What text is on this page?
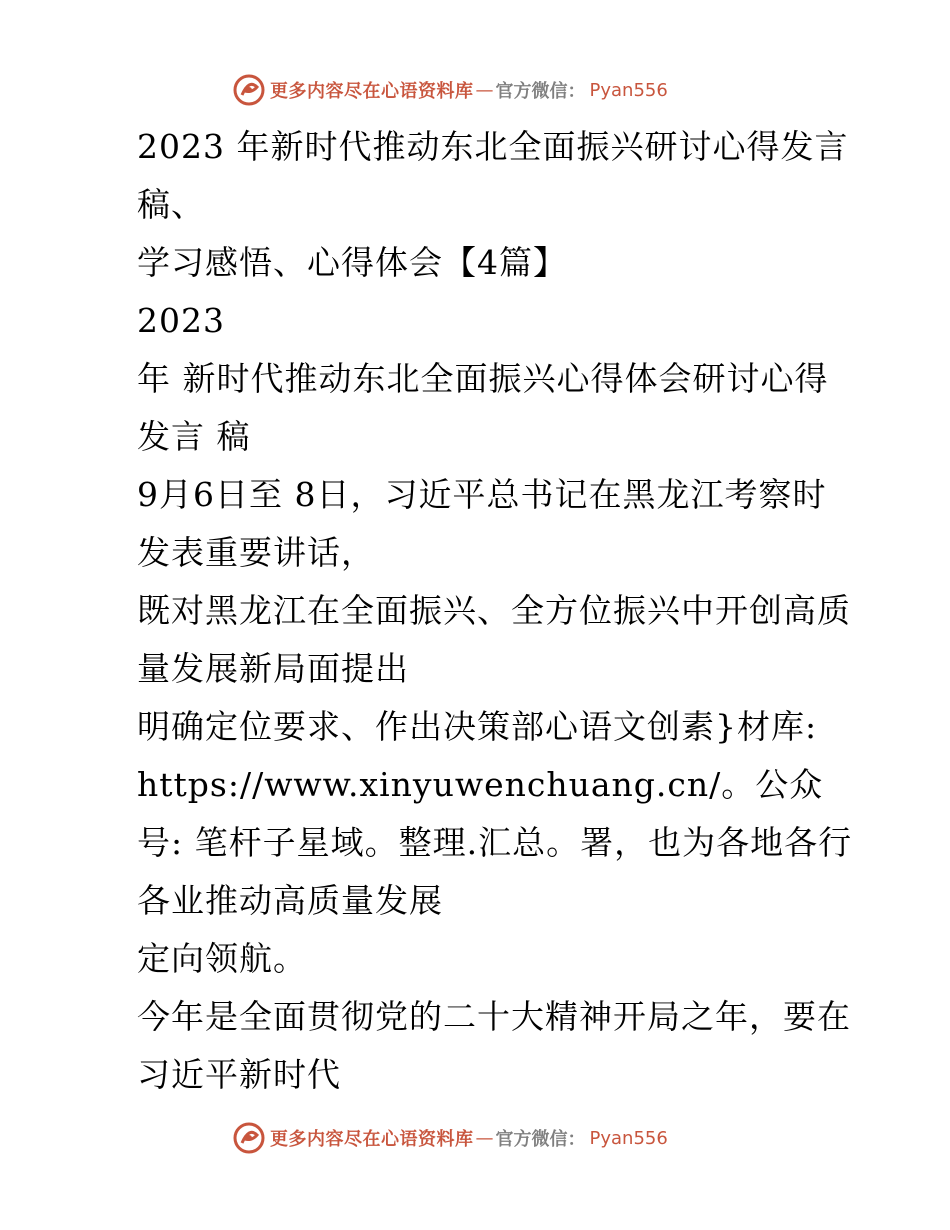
更多内容尽在心语资料库 — 官方微信： Pyan556

2023 年新时代推动东北全面振兴研讨心得发言稿、

学习感悟、心得体会【4篇】

2023

年 新时代推动东北全面振兴心得体会研讨心得发言 稿

9月6日至 8日，习近平总书记在黑龙江考察时发表重要讲话，

既对黑龙江在全面振兴、全方位振兴中开创高质量发展新局面提出

明确定位要求、作出决策部心语文创素}材库: https://www.xinyuwenchuang.cn/。公众号: 笔杆子星域。整理.汇总。署，也为各地各行各业推动高质量发展

定向领航。

今年是全面贯彻党的二十大精神开局之年，要在习近平新时代

更多内容尽在心语资料库 — 官方微信： Pyan556
